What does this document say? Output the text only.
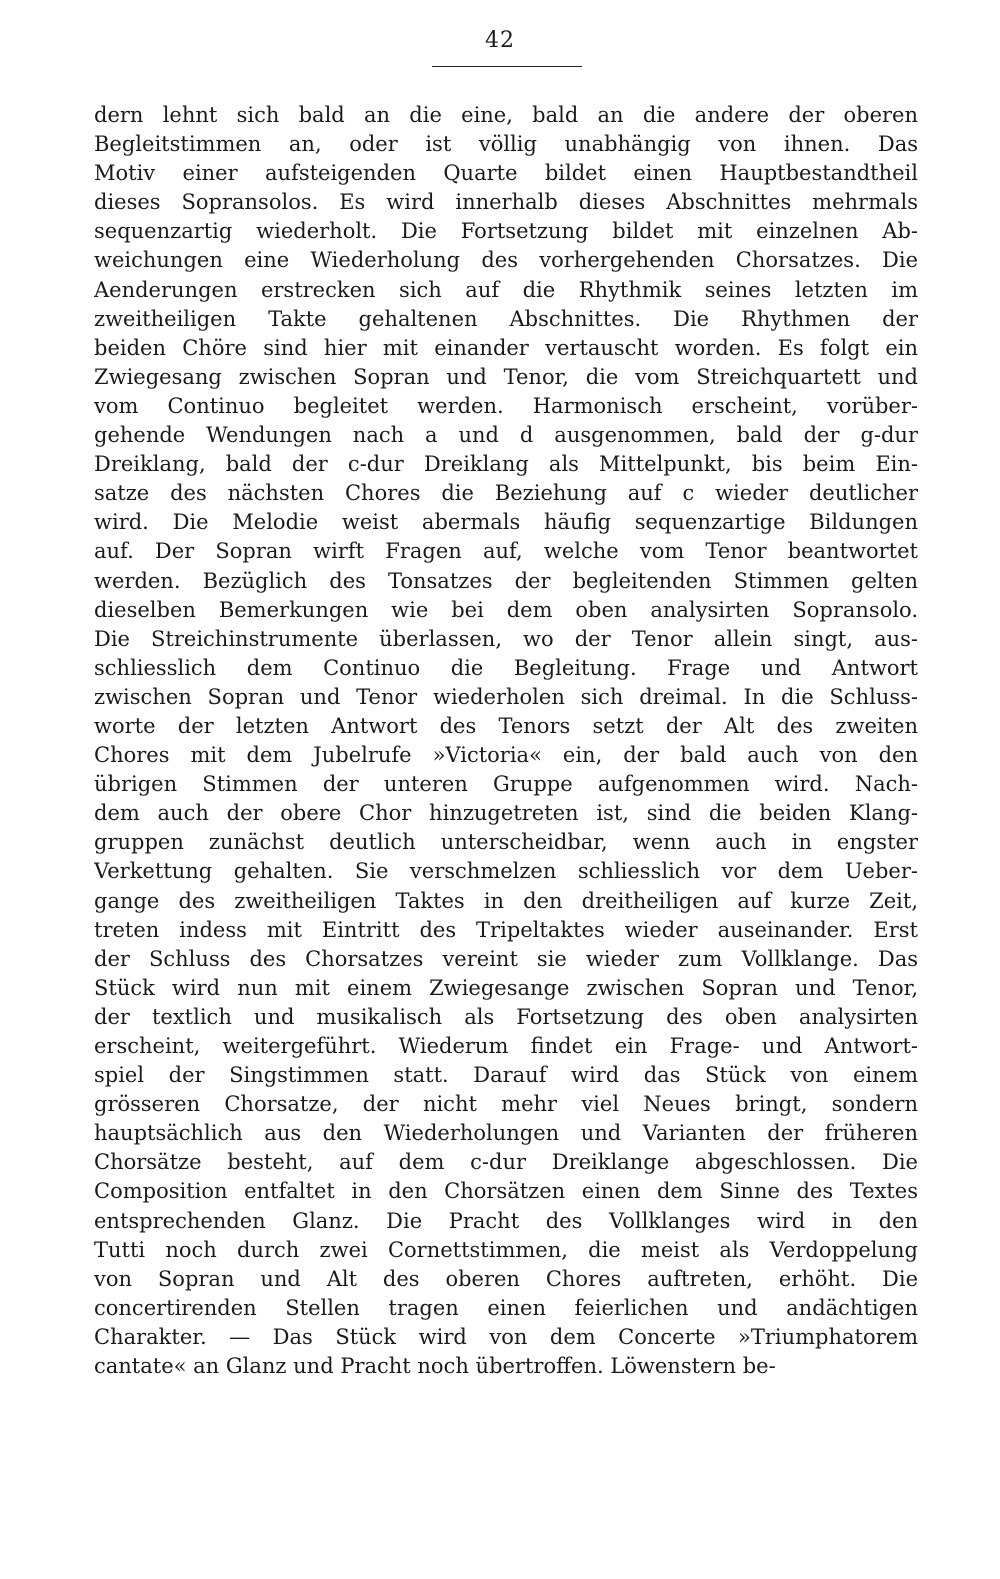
42
dern lehnt sich bald an die eine, bald an die andere der oberen
Begleitstimmen an, oder ist völlig unabhängig von ihnen. Das
Motiv einer aufsteigenden Quarte bildet einen Hauptbestandtheil
dieses Sopransolos. Es wird innerhalb dieses Abschnittes mehrmals
sequenzartig wiederholt. Die Fortsetzung bildet mit einzelnen Ab-
weichungen eine Wiederholung des vorhergehenden Chorsatzes. Die
Aenderungen erstrecken sich auf die Rhythmik seines letzten im
zweitheiligen Takte gehaltenen Abschnittes. Die Rhythmen der
beiden Chöre sind hier mit einander vertauscht worden. Es folgt ein
Zwiegesang zwischen Sopran und Tenor, die vom Streichquartett und
vom Continuo begleitet werden. Harmonisch erscheint, vorüber-
gehende Wendungen nach a und d ausgenommen, bald der g-dur
Dreiklang, bald der c-dur Dreiklang als Mittelpunkt, bis beim Ein-
satze des nächsten Chores die Beziehung auf c wieder deutlicher
wird. Die Melodie weist abermals häufig sequenzartige Bildungen
auf. Der Sopran wirft Fragen auf, welche vom Tenor beantwortet
werden. Bezüglich des Tonsatzes der begleitenden Stimmen gelten
dieselben Bemerkungen wie bei dem oben analysirten Sopransolo.
Die Streichinstrumente überlassen, wo der Tenor allein singt, aus-
schliesslich dem Continuo die Begleitung. Frage und Antwort
zwischen Sopran und Tenor wiederholen sich dreimal. In die Schluss-
worte der letzten Antwort des Tenors setzt der Alt des zweiten
Chores mit dem Jubelrufe »Victoria« ein, der bald auch von den
übrigen Stimmen der unteren Gruppe aufgenommen wird. Nach-
dem auch der obere Chor hinzugetreten ist, sind die beiden Klang-
gruppen zunächst deutlich unterscheidbar, wenn auch in engster
Verkettung gehalten. Sie verschmelzen schliesslich vor dem Ueber-
gange des zweitheiligen Taktes in den dreitheiligen auf kurze Zeit,
treten indess mit Eintritt des Tripeltaktes wieder auseinander. Erst
der Schluss des Chorsatzes vereint sie wieder zum Vollklange. Das
Stück wird nun mit einem Zwiegesange zwischen Sopran und Tenor,
der textlich und musikalisch als Fortsetzung des oben analysirten
erscheint, weitergeführt. Wiederum findet ein Frage- und Antwort-
spiel der Singstimmen statt. Darauf wird das Stück von einem
grösseren Chorsatze, der nicht mehr viel Neues bringt, sondern
hauptsächlich aus den Wiederholungen und Varianten der früheren
Chorsätze besteht, auf dem c-dur Dreiklange abgeschlossen. Die
Composition entfaltet in den Chorsätzen einen dem Sinne des Textes
entsprechenden Glanz. Die Pracht des Vollklanges wird in den
Tutti noch durch zwei Cornettstimmen, die meist als Verdoppelung
von Sopran und Alt des oberen Chores auftreten, erhöht. Die
concertirenden Stellen tragen einen feierlichen und andächtigen
Charakter. — Das Stück wird von dem Concerte »Triumphatorem
cantate« an Glanz und Pracht noch übertroffen. Löwenstern be-
